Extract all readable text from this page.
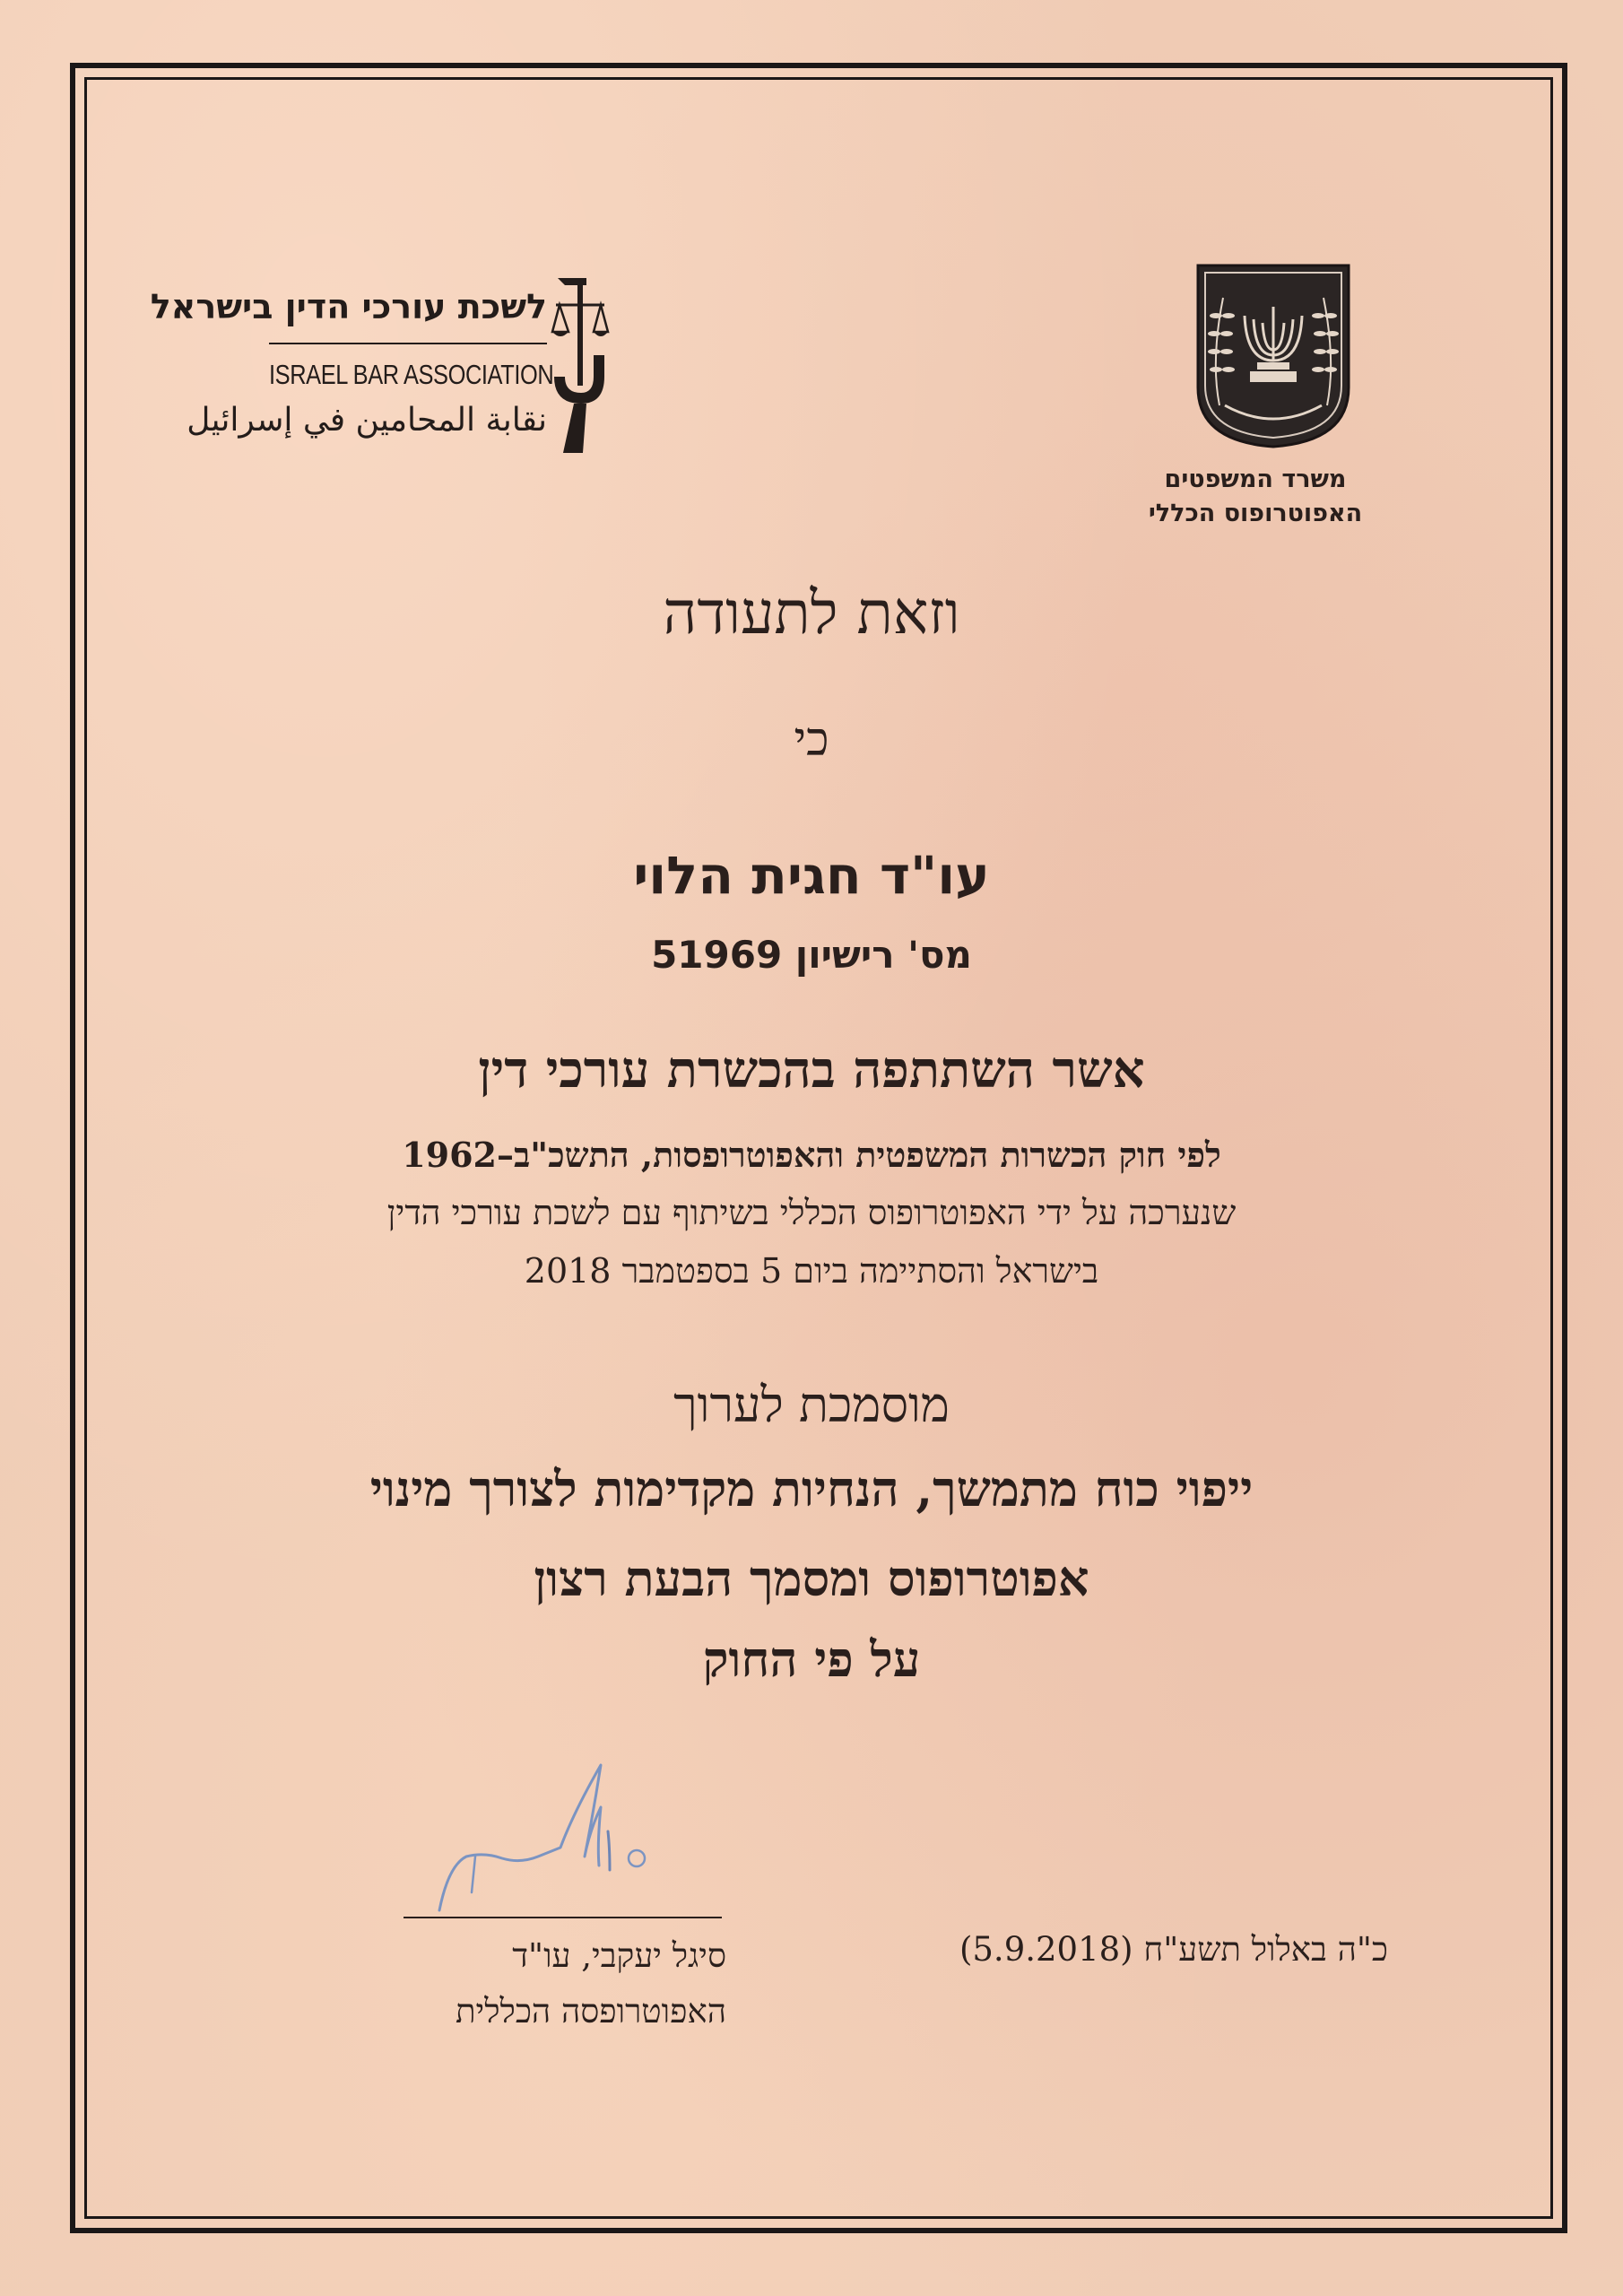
לשכת עורכי הדין בישראל
ISRAEL BAR ASSOCIATION
نقابة المحامين في إسرائيل
משרד המשפטים
האפוטרופוס הכללי
וזאת לתעודה
כי
עו"ד חגית הלוי
מס' רישיון 51969
אשר השתתפה בהכשרת עורכי דין
לפי חוק הכשרות המשפטית והאפוטרופסות, התשכ"ב–1962
שנערכה על ידי האפוטרופוס הכללי בשיתוף עם לשכת עורכי הדין
בישראל והסתיימה ביום 5 בספטמבר 2018
מוסמכת לערוך
ייפוי כוח מתמשך, הנחיות מקדימות לצורך מינוי
אפוטרופוס ומסמך הבעת רצון
על פי החוק
סיגל יעקבי, עו"ד
האפוטרופסה הכללית
כ"ה באלול תשע"ח (5.9.2018)
